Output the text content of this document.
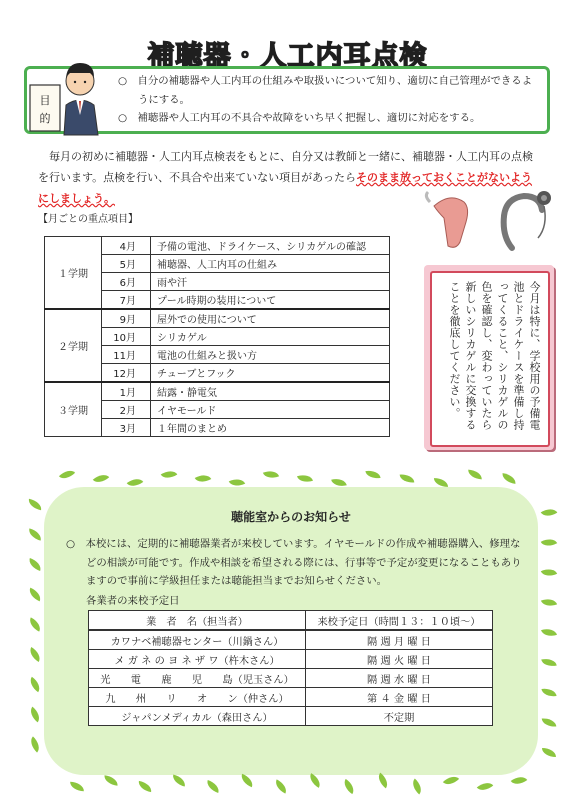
補聴器・人工内耳点検
目
的
○　自分の補聴器や人工内耳の仕組みや取扱いについて知り、適切に自己管理ができるようにする。
○　補聴器や人工内耳の不具合や故障をいち早く把握し、適切に対応をする。
　毎月の初めに補聴器・人工内耳点検表をもとに、自分又は教師と一緒に、補聴器・人工内耳の点検を行います。点検を行い、不具合や出来ていない項目があったらそのまま放っておくことがないようにしましょう。
【月ごとの重点項目】
１学期	4月	予備の電池、ドライケース、シリカゲルの確認
	5月	補聴器、人工内耳の仕組み
	6月	雨や汗
	7月	プール時期の装用について
２学期	9月	屋外での使用について
	10月	シリカゲル
	11月	電池の仕組みと扱い方
	12月	チューブとフック
３学期	1月	結露・静電気
	2月	イヤモールド
	3月	１年間のまとめ	今月は特に、学校用の予備電池とドライケースを準備し持ってくること、シリカゲルの色を確認し、変わっていたら新しいシリカゲルに交換することを徹底してください。
聴能室からのお知らせ
○　本校には、定期的に補聴器業者が来校しています。イヤモールドの作成や補聴器購入、修理などの相談が可能です。作成や相談を希望される際には、行事等で予定が変更になることもありますので事前に学級担任または聴能担当までお知らせください。
各業者の来校予定日
業　者　名（担当者）	来校予定日（時間１３：１０頃～）
カワナベ補聴器センター（川鍋さん）	隔 週 月 曜 日
メ ガ ネ の ヨ ネ ザ ワ（杵木さん）	隔 週 火 曜 日
光　　電　　鹿　　児　　島（児玉さん）	隔 週 水 曜 日
九　　州　　リ　　オ　　ン（仲さん）	第 ４ 金 曜 日
ジャパンメディカル（森田さん）	不定期
